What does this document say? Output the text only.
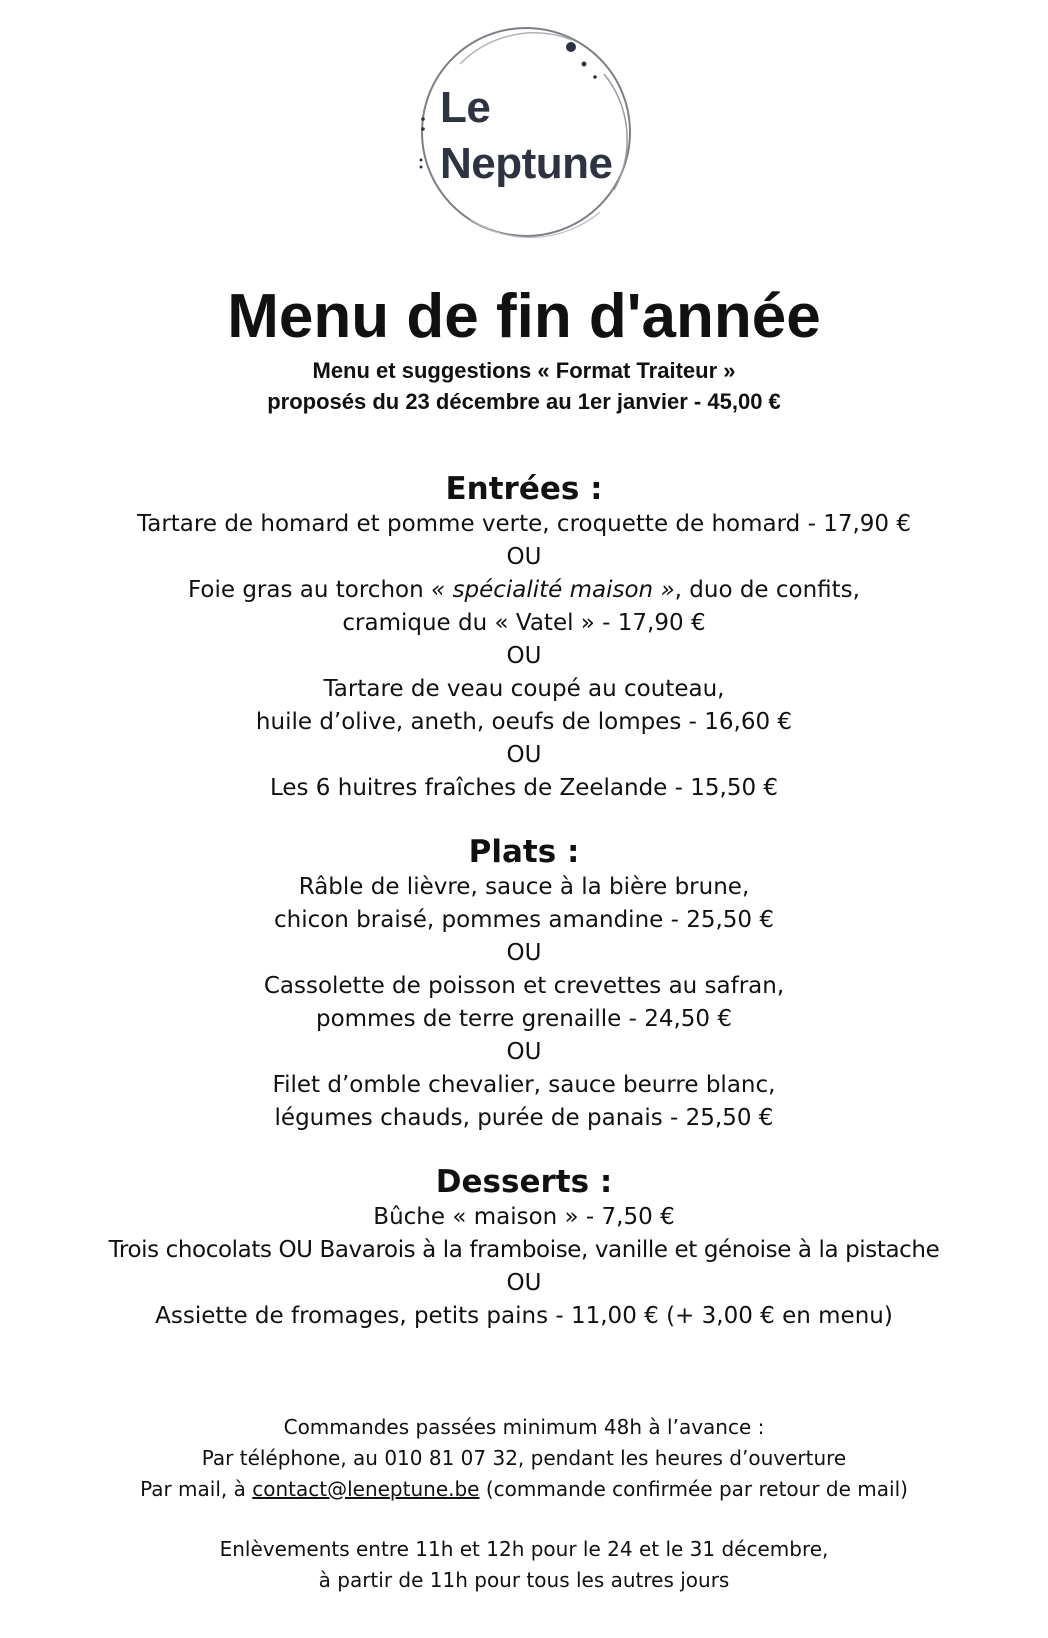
Le
Neptune
Menu de fin d'année
Menu et suggestions « Format Traiteur »
proposés du 23 décembre au 1er janvier - 45,00 €
Entrées :
Tartare de homard et pomme verte, croquette de homard - 17,90 €
OU
Foie gras au torchon « spécialité maison », duo de confits,
cramique du « Vatel » - 17,90 €
OU
Tartare de veau coupé au couteau,
huile d’olive, aneth, oeufs de lompes - 16,60 €
OU
Les 6 huitres fraîches de Zeelande - 15,50 €
Plats :
Râble de lièvre, sauce à la bière brune,
chicon braisé, pommes amandine - 25,50 €
OU
Cassolette de poisson et crevettes au safran,
pommes de terre grenaille - 24,50 €
OU
Filet d’omble chevalier, sauce beurre blanc,
légumes chauds, purée de panais - 25,50 €
Desserts :
Bûche « maison » - 7,50 €
Trois chocolats OU Bavarois à la framboise, vanille et génoise à la pistache
OU
Assiette de fromages, petits pains - 11,00 € (+ 3,00 € en menu)
Commandes passées minimum 48h à l’avance :
Par téléphone, au 010 81 07 32, pendant les heures d’ouverture
Par mail, à contact@leneptune.be (commande confirmée par retour de mail)
Enlèvements entre 11h et 12h pour le 24 et le 31 décembre,
à partir de 11h pour tous les autres jours
